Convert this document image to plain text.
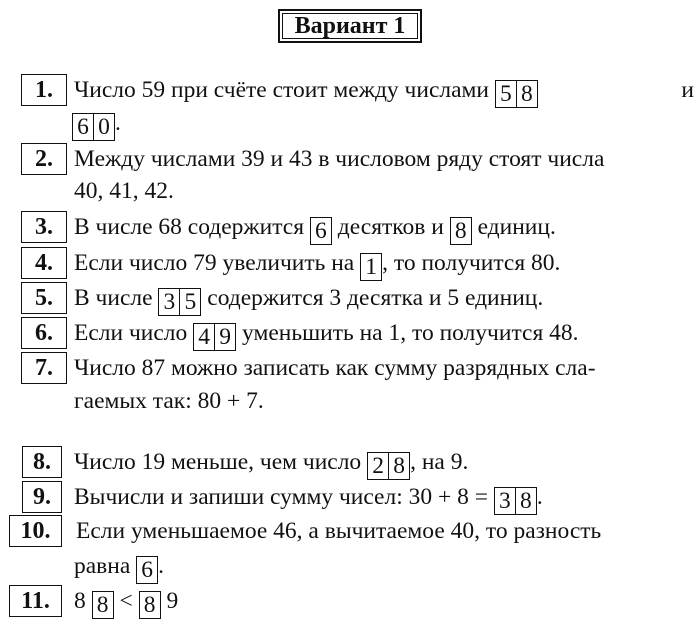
Вариант 1
1. Число 59 при счёте стоит между числами 5 8	и
6 0 .
2. Между числами 39 и 43 в числовом ряду стоят числа
40, 41, 42.
3. В числе 68 содержится 6 десятков и 8 единиц.
4. Если число 79 увеличить на 1 , то получится 80.
5. В числе 3 5 содержится 3 десятка и 5 единиц.
6. Если число 4 9 уменьшить на 1, то получится 48.
7. Число 87 можно записать как сумму разрядных сла-
гаемых так: 80 + 7.
8. Число 19 меньше, чем число 2 8 , на 9.
9. Вычисли и запиши сумму чисел: 30 + 8 = 3 8 .
10.	Если уменьшаемое 46, а вычитаемое 40, то разность
равна 6 .
11.	8 8 < 8 9
